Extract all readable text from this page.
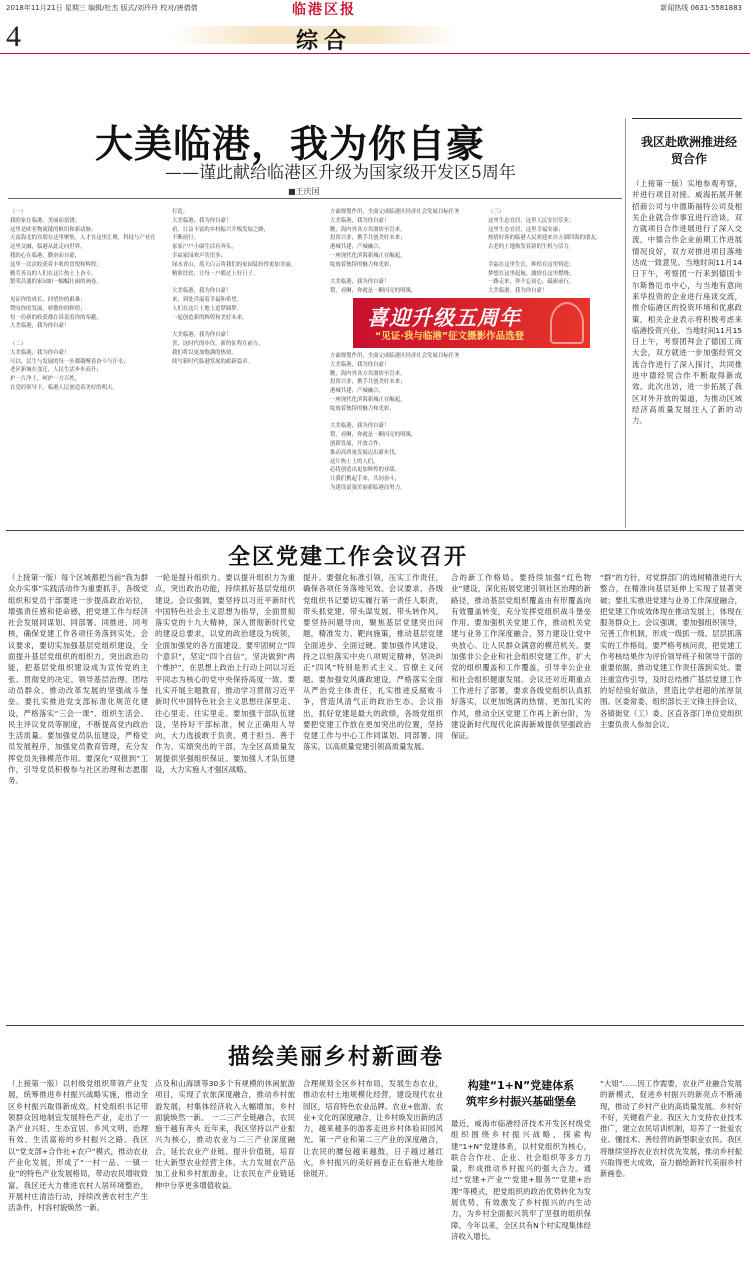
2018年11月21日 星期三 编辑/杜杰 版式/刘玲玲 校对/唐倩倩	临港区报	新闻热线 0631-5581883
4	综合
大美临港，我为你自豪
——谨此献给临港区升级为国家级开发区5周年
■王庆国

（一）
我的家在临港，美丽而富饶；
这里是欧亚物流链的枢纽和新动脉；
天南海北的宾朋在这里聚集，人才在这里汇聚，科技与产业在这里交融，临港从此走向世界，
我的心在临港，勤奋而自豪，
这里一次次收获着丰收的喜悦和辉煌；
勤劳善良的人们在这片热土上奋斗，
繁荣昌盛的家园如一幅幅壮丽的画卷。

见证你的成长，回望你的艰难；
赞叹你的发展，骄傲你的辉煌；
每一份新的收获都在诉说着你的奉献，
大美临港，我为你自豪！

（二）
大美临港，我为你自豪！
可以，民生与发展的每一步都凝聚着奋斗与汗水；
老区新城在变迁，人民生活步步高升；
护一片净土，呵护一方百姓，
在党的领导下，临港人民创造着美好的明天。

打造。
大美临港，我为你自豪！
看，日益丰富的乡村振兴升级发展之路，
不断前行。
家家户户小康生活有奔头，
幸福家园欢声笑语多；
绿水青山，蓝天白云将我们的家园装扮得更加美丽，
精准扶贫，让每一户都过上好日子。

大美临港，我为你自豪！
来，到处洋溢着幸福和希望，
人们在这片土地上追梦圆梦，
一起创造新的辉煌和美好未来。

大美临港，我为你自豪！
喜，这时代的步伐，新的征程在前方，
我们将以更加饱满的热情，
续写新时代临港发展的崭新篇章。

方面规划作用，全面完成临港区经济社会发展目标任务
大美临港，我为你自豪！
瞧，海内外各方宾朋纷至沓来，
投资兴业，携手共创美好未来；
港城共建，产城融合，
一座现代化滨海新城正在崛起，
绽放着独特的魅力和光彩。

大美临港，我为你自豪！
赞，看啊，你就是一颗闪亮的明珠，

（三）
这里生态宜居，这里人民安居乐业；
这里生态宜居，这里幸福安康；
热情好客的临港人民欢迎来自五湖四海的朋友，
古老的土地焕发着新的生机与活力。

幸福在这里生长，辉煌在这里铸造；
梦想在这里起航，激情在这里燃烧；
一路走来，你不忘初心，砥砺前行，
大美临港，我为你自豪！

喜迎升级五周年
“见证·我与临港”征文摄影作品选登

方面规划作用，全面完成临港区经济社会发展目标任务
大美临港，我为你自豪！
瞧，海内外各方宾朋纷至沓来，
投资兴业，携手共创美好未来；
港城共建，产城融合，
一座现代化滨海新城正在崛起，
绽放着独特的魅力和光彩。

大美临港，我为你自豪！
赞，看啊，你就是一颗闪亮的明珠，
创新发展，开放合作，
推动高质量发展迈出新步伐，
这片热土上的人们，
必将创造出更加辉煌的业绩。
让我们携起手来，共同奋斗，
为建设富强美丽新临港而努力。

我区赴欧洲推进经贸合作
（上接第一版）实地参观考察，并进行项目对接。威海拓展开催招商公司与中德斯福特公司及相关企业就合作事宜进行洽谈，双方就项目合作进展进行了深入交流，中德合作企业前期工作进展情况良好，双方对推进项目落地达成一致意见。当地时间11月14日下午，考察团一行来到德国卡尔斯鲁厄市中心，与当地有意向来华投资的企业进行座谈交流，推介临港区的投资环境和优惠政策，相关企业表示将积极考虑来临港投资兴业。当地时间11月15日上午，考察团拜会了德国工商大会，双方就进一步加强经贸交流合作进行了深入探讨，共同推进中德经贸合作不断取得新成效。此次出访，进一步拓展了我区对外开放的渠道，为推动区域经济高质量发展注入了新的动力。
全区党建工作会议召开
（上接第一版）每个区域都把当前“我为群众办实事”实践活动作为重要抓手，各级党组织和党员干部要进一步提高政治站位，增强责任感和使命感，把党建工作与经济社会发展同谋划、同部署、同推进、同考核，确保党建工作各项任务落到实处。会议要求，要切实加强基层党组织建设，全面提升基层党组织的组织力，突出政治功能，把基层党组织建设成为宣传党的主张、贯彻党的决定、领导基层治理、团结动员群众、推动改革发展的坚强战斗堡垒。要扎实推进党支部标准化规范化建设，严格落实“三会一课”、组织生活会、民主评议党员等制度，不断提高党内政治生活质量。要加强党员队伍建设，严格党员发展程序，加强党员教育管理，充分发挥党员先锋模范作用。要深化“双报到”工作，引导党员积极参与社区治理和志愿服务。
一轮是提升组织力。要以提升组织力为重点，突出政治功能，持续抓好基层党组织建设。会议强调，要坚持以习近平新时代中国特色社会主义思想为指导，全面贯彻落实党的十九大精神，深入贯彻新时代党的建设总要求，以党的政治建设为统领，全面加强党的各方面建设。要牢固树立“四个意识”，坚定“四个自信”，坚决做到“两个维护”，在思想上政治上行动上同以习近平同志为核心的党中央保持高度一致。要扎实开展主题教育，推动学习贯彻习近平新时代中国特色社会主义思想往深里走、往心里走、往实里走。要加强干部队伍建设，坚持好干部标准，树立正确用人导向，大力选拔敢于负责、勇于担当、善于作为、实绩突出的干部，为全区高质量发展提供坚强组织保证。要加强人才队伍建设，大力实施人才强区战略。
提升。要强化标准引领，压实工作责任，确保各项任务落地见效。会议要求，各级党组织书记要切实履行第一责任人职责，带头抓党建、带头谋发展、带头转作风。要坚持问题导向，聚焦基层党建突出问题，精准发力、靶向施策，推动基层党建全面进步、全面过硬。要加强作风建设，持之以恒落实中央八项规定精神，坚决纠正“四风”特别是形式主义、官僚主义问题。要加强党风廉政建设，严格落实全面从严治党主体责任，扎实推进反腐败斗争，营造风清气正的政治生态。会议指出，抓好党建是最大的政绩，各级党组织要把党建工作放在更加突出的位置，坚持党建工作与中心工作同谋划、同部署、同落实，以高质量党建引领高质量发展。
合的新工作格局。要持续加强“红色物业”建设，深化拓展党建引领社区治理的新路径，推动基层党组织覆盖由有形覆盖向有效覆盖转变，充分发挥党组织战斗堡垒作用。要加强机关党建工作，推动机关党建与业务工作深度融合，努力建设让党中央放心、让人民群众满意的模范机关。要加强非公企业和社会组织党建工作，扩大党的组织覆盖和工作覆盖，引导非公企业和社会组织健康发展。会议还对近期重点工作进行了部署，要求各级党组织认真抓好落实，以更加饱满的热情、更加扎实的作风，推动全区党建工作再上新台阶，为建设新时代现代化滨海新城提供坚强政治保证。
“群”的方针，对党群部门的选树精准进行大整合，在精准向基层延伸上实现了显著突破；要扎实推进党建与业务工作深度融合，把党建工作成效体现在推动发展上，体现在服务群众上。会议强调，要加强组织领导，完善工作机制，形成一级抓一级、层层抓落实的工作格局。要严格考核问责，把党建工作考核结果作为评价领导班子和领导干部的重要依据，推动党建工作责任落到实处。要注重宣传引导，及时总结推广基层党建工作的好经验好做法，营造比学赶超的浓厚氛围。区委常委、组织部长王文锋主持会议，各镇街党（工）委、区直各部门单位党组织主要负责人参加会议。
描绘美丽乡村新画卷
（上接第一版）以村级党组织带领产业发展，统筹推进乡村振兴战略实施，推动全区乡村振兴取得新成效。村党组织书记带领群众因地制宜发展特色产业，走出了一条产业兴旺、生态宜居、乡风文明、治理有效、生活富裕的乡村振兴之路。我区以“党支部+合作社+农户”模式，推动农业产业化发展，形成了“一村一品、一镇一业”的特色产业发展格局，带动农民增收致富。我区还大力推进农村人居环境整治，开展村庄清洁行动，持续改善农村生产生活条件，村容村貌焕然一新。
点及和山海颂等30多个有规模的休闲旅游项目，实现了农旅深度融合，推动乡村旅游发展，村集体经济收入大幅增加，乡村面貌焕然一新。 一二三产全链融合，农民施干越有奔头 近年来，我区坚持以产业振兴为核心，推动农业与二三产业深度融合，延长农业产业链、提升价值链，培育壮大新型农业经营主体，大力发展农产品加工业和乡村旅游业，让农民在产业链延伸中分享更多增值收益。
合理规划全区乡村布局，发展生态农业，推动农村土地规模化经营，建设现代农业园区，培育特色农业品牌。农业+旅游、农业+文化的深度融合，让乡村焕发出新的活力，越来越多的游客走进乡村体验田园风光。第一产业和第二三产业的深度融合，让农民的腰包越来越鼓，日子越过越红火，乡村振兴的美好画卷正在临港大地徐徐展开。
构建“1+N”党建体系
筑牢乡村振兴基础堡垒
最近，威海市临港经济技术开发区村级党组织围绕乡村振兴战略，探索构建“1+N”党建体系，以村党组织为核心，联合合作社、企业、社会组织等多方力量，形成推动乡村振兴的强大合力。通过“党建+产业”“党建+服务”“党建+治理”等模式，把党组织的政治优势转化为发展优势，有效激发了乡村振兴的内生动力，为乡村全面振兴筑牢了坚强的组织保障。今年以来，全区共有N个村实现集体经济收入增长。
“大姐”……因工作需要，农业产业融合发展的新模式，促进乡村振兴的新亮点不断涌现，推动了乡村产业的高质量发展。乡村好不好，关键看产业。我区大力支持农业技术推广，建立农民培训机制，培养了一批爱农业、懂技术、善经营的新型职业农民。我区将继续坚持农业农村优先发展，推动乡村振兴取得更大成效，奋力描绘新时代美丽乡村新画卷。
